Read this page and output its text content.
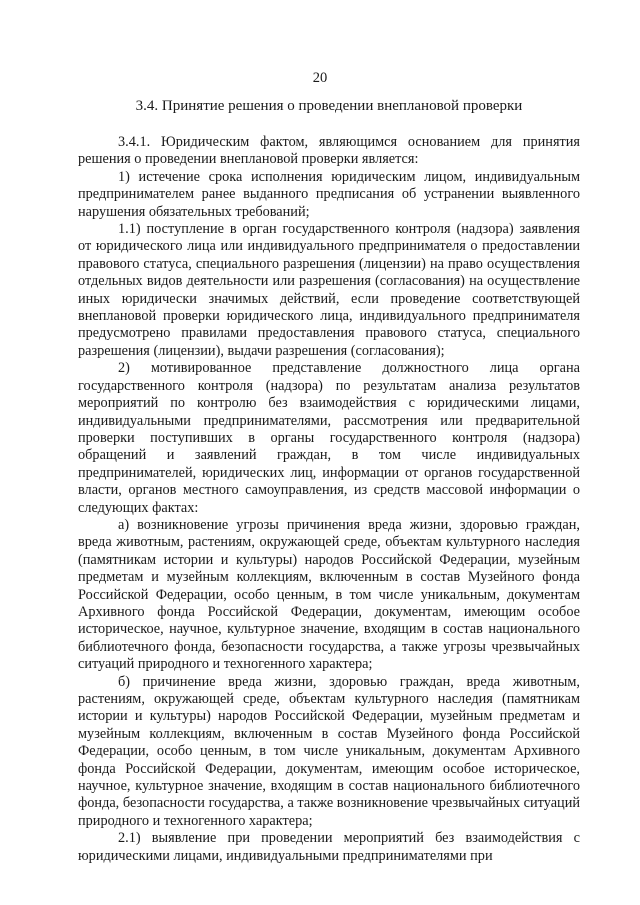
20
3.4. Принятие решения о проведении внеплановой проверки

3.4.1. Юридическим фактом, являющимся основанием для принятия решения о проведении внеплановой проверки является:

1) истечение срока исполнения юридическим лицом, индивидуальным предпринимателем ранее выданного предписания об устранении выявленного нарушения обязательных требований;

1.1) поступление в орган государственного контроля (надзора) заявления от юридического лица или индивидуального предпринимателя о предоставлении правового статуса, специального разрешения (лицензии) на право осуществления отдельных видов деятельности или разрешения (согласования) на осуществление иных юридически значимых действий, если проведение соответствующей внеплановой проверки юридического лица, индивидуального предпринимателя предусмотрено правилами предоставления правового статуса, специального разрешения (лицензии), выдачи разрешения (согласования);

2) мотивированное представление должностного лица органа государственного контроля (надзора) по результатам анализа результатов мероприятий по контролю без взаимодействия с юридическими лицами, индивидуальными предпринимателями, рассмотрения или предварительной проверки поступивших в органы государственного контроля (надзора) обращений и заявлений граждан, в том числе индивидуальных предпринимателей, юридических лиц, информации от органов государственной власти, органов местного самоуправления, из средств массовой информации о следующих фактах:

а) возникновение угрозы причинения вреда жизни, здоровью граждан, вреда животным, растениям, окружающей среде, объектам культурного наследия (памятникам истории и культуры) народов Российской Федерации, музейным предметам и музейным коллекциям, включенным в состав Музейного фонда Российской Федерации, особо ценным, в том числе уникальным, документам Архивного фонда Российской Федерации, документам, имеющим особое историческое, научное, культурное значение, входящим в состав национального библиотечного фонда, безопасности государства, а также угрозы чрезвычайных ситуаций природного и техногенного характера;

б) причинение вреда жизни, здоровью граждан, вреда животным, растениям, окружающей среде, объектам культурного наследия (памятникам истории и культуры) народов Российской Федерации, музейным предметам и музейным коллекциям, включенным в состав Музейного фонда Российской Федерации, особо ценным, в том числе уникальным, документам Архивного фонда Российской Федерации, документам, имеющим особое историческое, научное, культурное значение, входящим в состав национального библиотечного фонда, безопасности государства, а также возникновение чрезвычайных ситуаций природного и техногенного характера;

2.1) выявление при проведении мероприятий без взаимодействия с юридическими лицами, индивидуальными предпринимателями при
